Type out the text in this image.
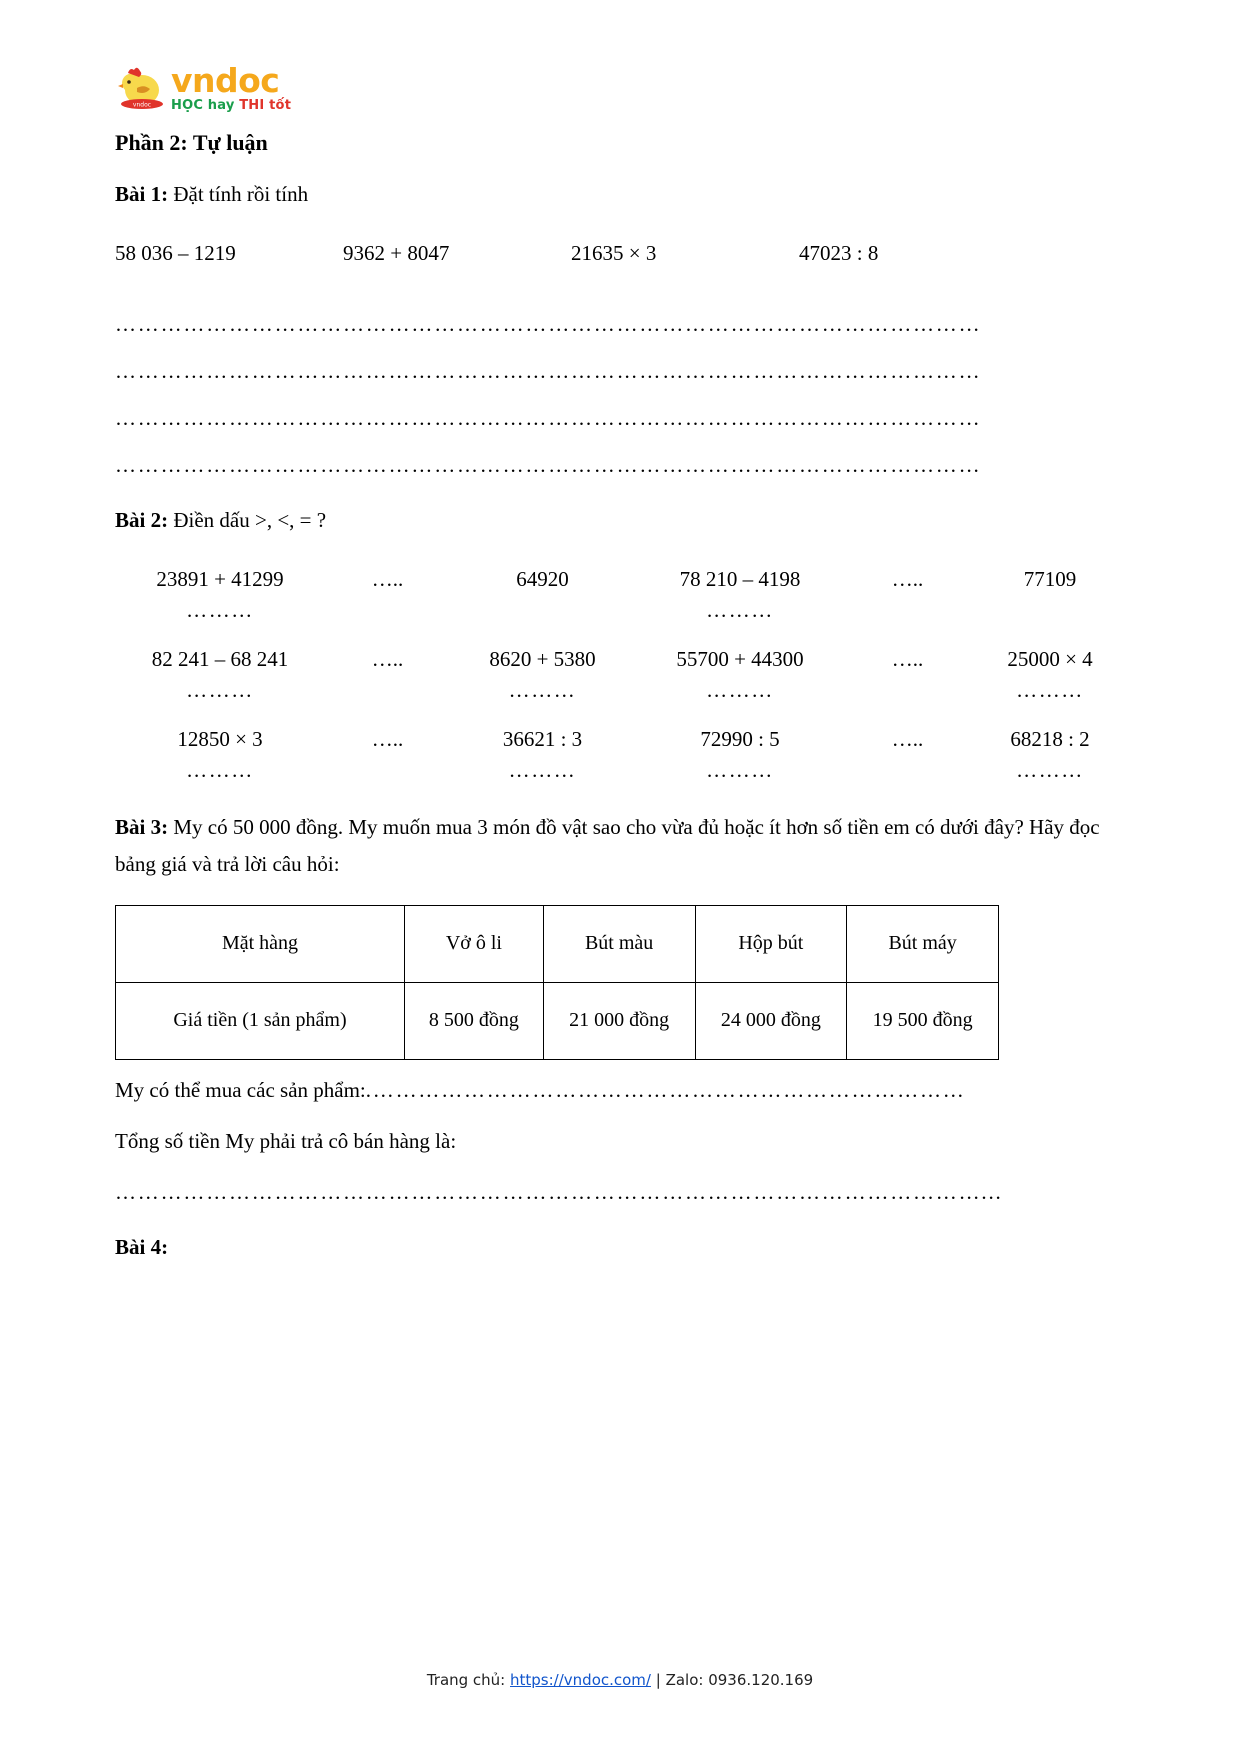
vndoc
vndoc
HỌC hay THI tốt
Phần 2: Tự luận
Bài 1: Đặt tính rồi tính
58 036 – 1219	9362 + 8047	21635 × 3	47023 : 8
……………………………………………………………………………………………………
……………………………………………………………………………………………………
……………………………………………………………………………………………………
……………………………………………………………………………………………………
Bài 2: Điền dấu >, <, = ?
23891 + 41299	…..	64920	78 210 – 4198	…..	77109
………	………
82 241 – 68 241	…..	8620 + 5380	55700 + 44300	…..	25000 × 4
………	………	………	………
12850 × 3	…..	36621 : 3	72990 : 5	…..	68218 : 2
………	………	………	………
Bài 3: My có 50 000 đồng. My muốn mua 3 món đồ vật sao cho vừa đủ hoặc ít hơn số tiền em có dưới đây? Hãy đọc bảng giá và trả lời câu hỏi:
Mặt hàng	Vở ô li	Bút màu	Hộp bút	Bút máy
Giá tiền (1 sản phẩm)	8 500 đồng	21 000 đồng	24 000 đồng	19 500 đồng
My có thể mua các sản phẩm:.……………………………………………………………………
Tổng số tiền My phải trả cô bán hàng là:
……………………………………………………………………………………………………...
Bài 4:
Trang chủ: https://vndoc.com/ | Zalo: 0936.120.169
